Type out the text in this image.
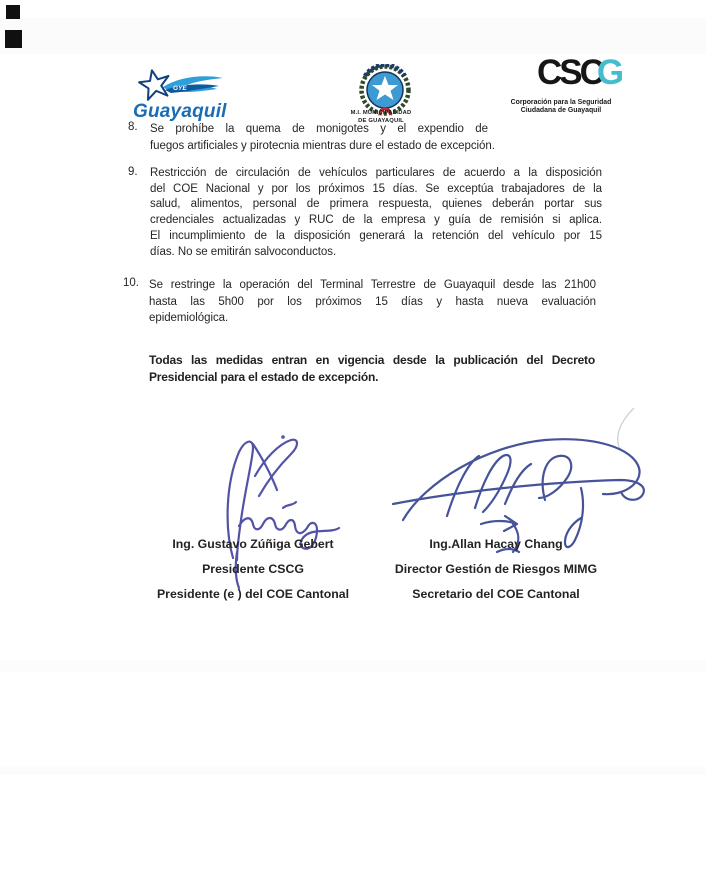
GYE
Guayaquil	M.I. MUNICIPALIDAD
DE GUAYAQUIL
CSCG
Corporación para la Seguridad
Ciudadana de Guayaquil
8. Se prohíbe la quema de monigotes y el expendio de
fuegos artificiales y pirotecnia mientras dure el estado de excepción.
9. Restricción de circulación de vehículos particulares de acuerdo a la disposición
del COE Nacional y por los próximos 15 días. Se exceptúa trabajadores de la
salud, alimentos, personal de primera respuesta, quienes deberán portar sus
credenciales actualizadas y RUC de la empresa y guía de remisión si aplica.
El incumplimiento de la disposición generará la retención del vehículo por 15
días. No se emitirán salvoconductos.
10. Se restringe la operación del Terminal Terrestre de Guayaquil desde las 21h00
hasta las 5h00 por los próximos 15 días y hasta nueva evaluación
epidemiológica.
Todas las medidas entran en vigencia desde la publicación del Decreto
Presidencial para el estado de excepción.
Ing. Gustavo Zúñiga Gebert
Presidente CSCG
Presidente (e ) del COE Cantonal
Ing.Allan Hacay Chang
Director Gestión de Riesgos MIMG
Secretario del COE Cantonal
